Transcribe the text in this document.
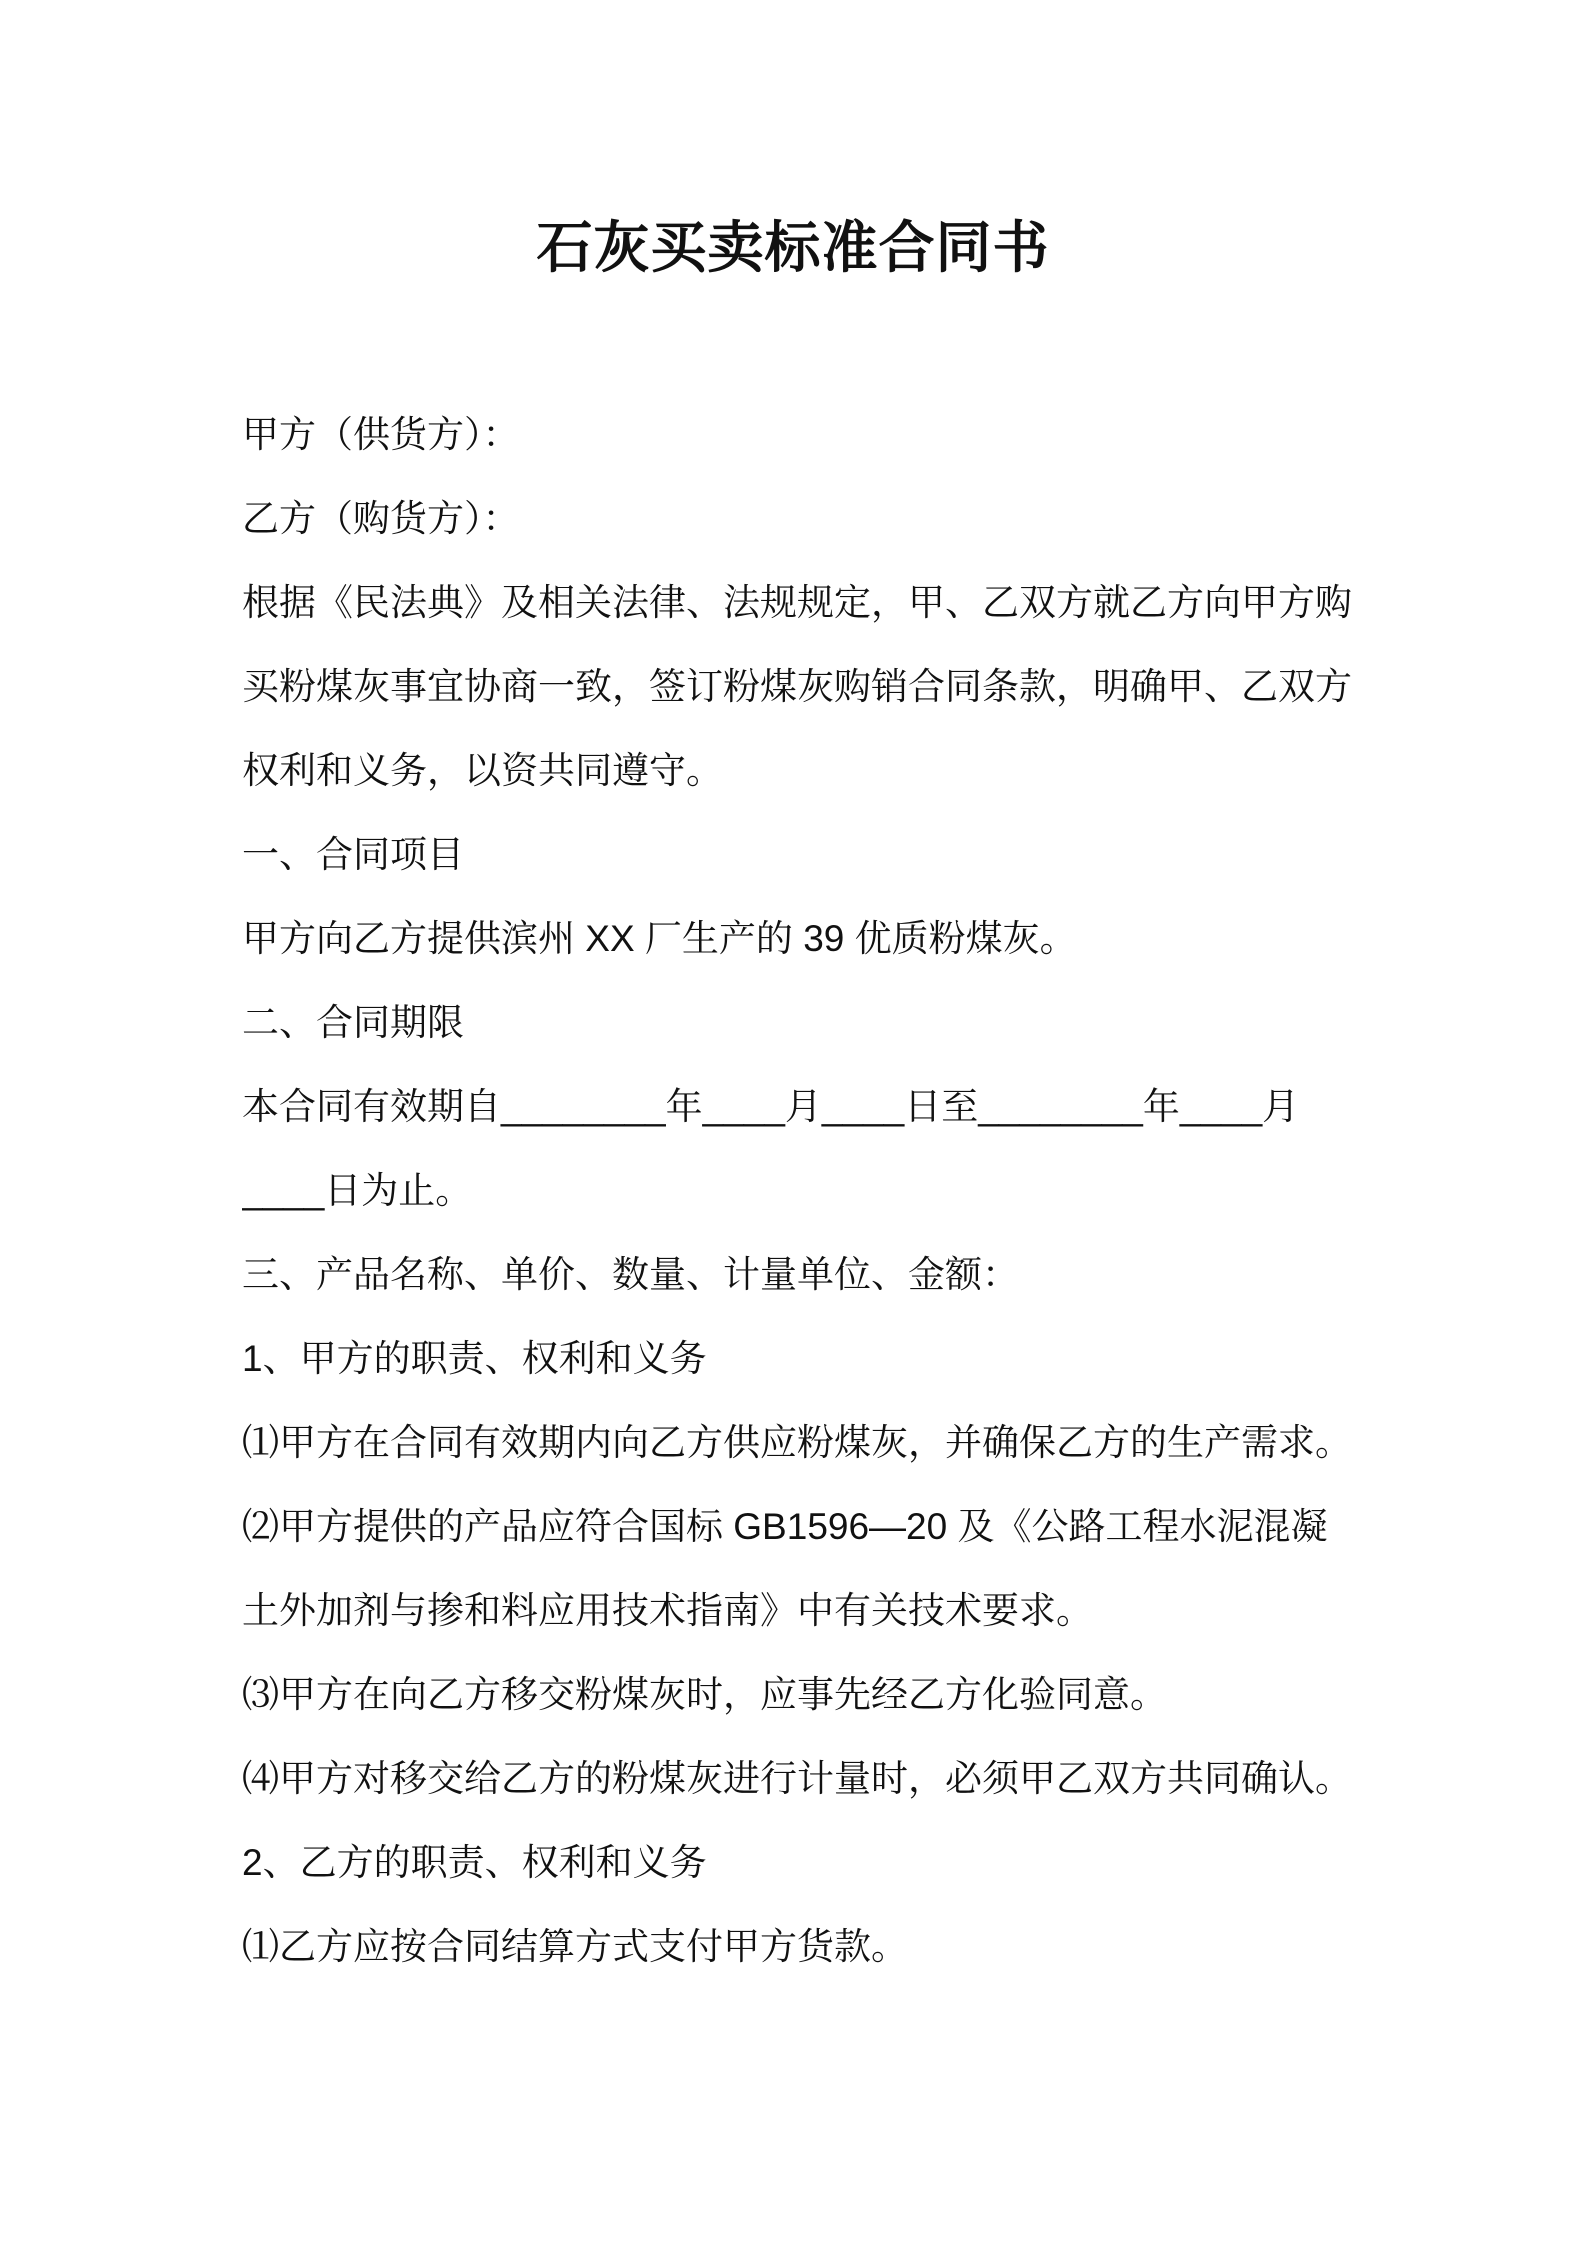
石灰买卖标准合同书
甲方（供货方）：
乙方（购货方）：
根据《民法典》及相关法律、法规规定，甲、乙双方就乙方向甲方购
买粉煤灰事宜协商一致，签订粉煤灰购销合同条款，明确甲、乙双方
权利和义务，以资共同遵守。
一、合同项目
甲方向乙方提供滨州 XX 厂生产的 39 优质粉煤灰。
二、合同期限
本合同有效期自________年____月____日至________年____月
____日为止。
三、产品名称、单价、数量、计量单位、金额：
1、甲方的职责、权利和义务
⑴甲方在合同有效期内向乙方供应粉煤灰，并确保乙方的生产需求。
⑵甲方提供的产品应符合国标 GB1596—20 及《公路工程水泥混凝
土外加剂与掺和料应用技术指南》中有关技术要求。
⑶甲方在向乙方移交粉煤灰时，应事先经乙方化验同意。
⑷甲方对移交给乙方的粉煤灰进行计量时，必须甲乙双方共同确认。
2、乙方的职责、权利和义务
⑴乙方应按合同结算方式支付甲方货款。
